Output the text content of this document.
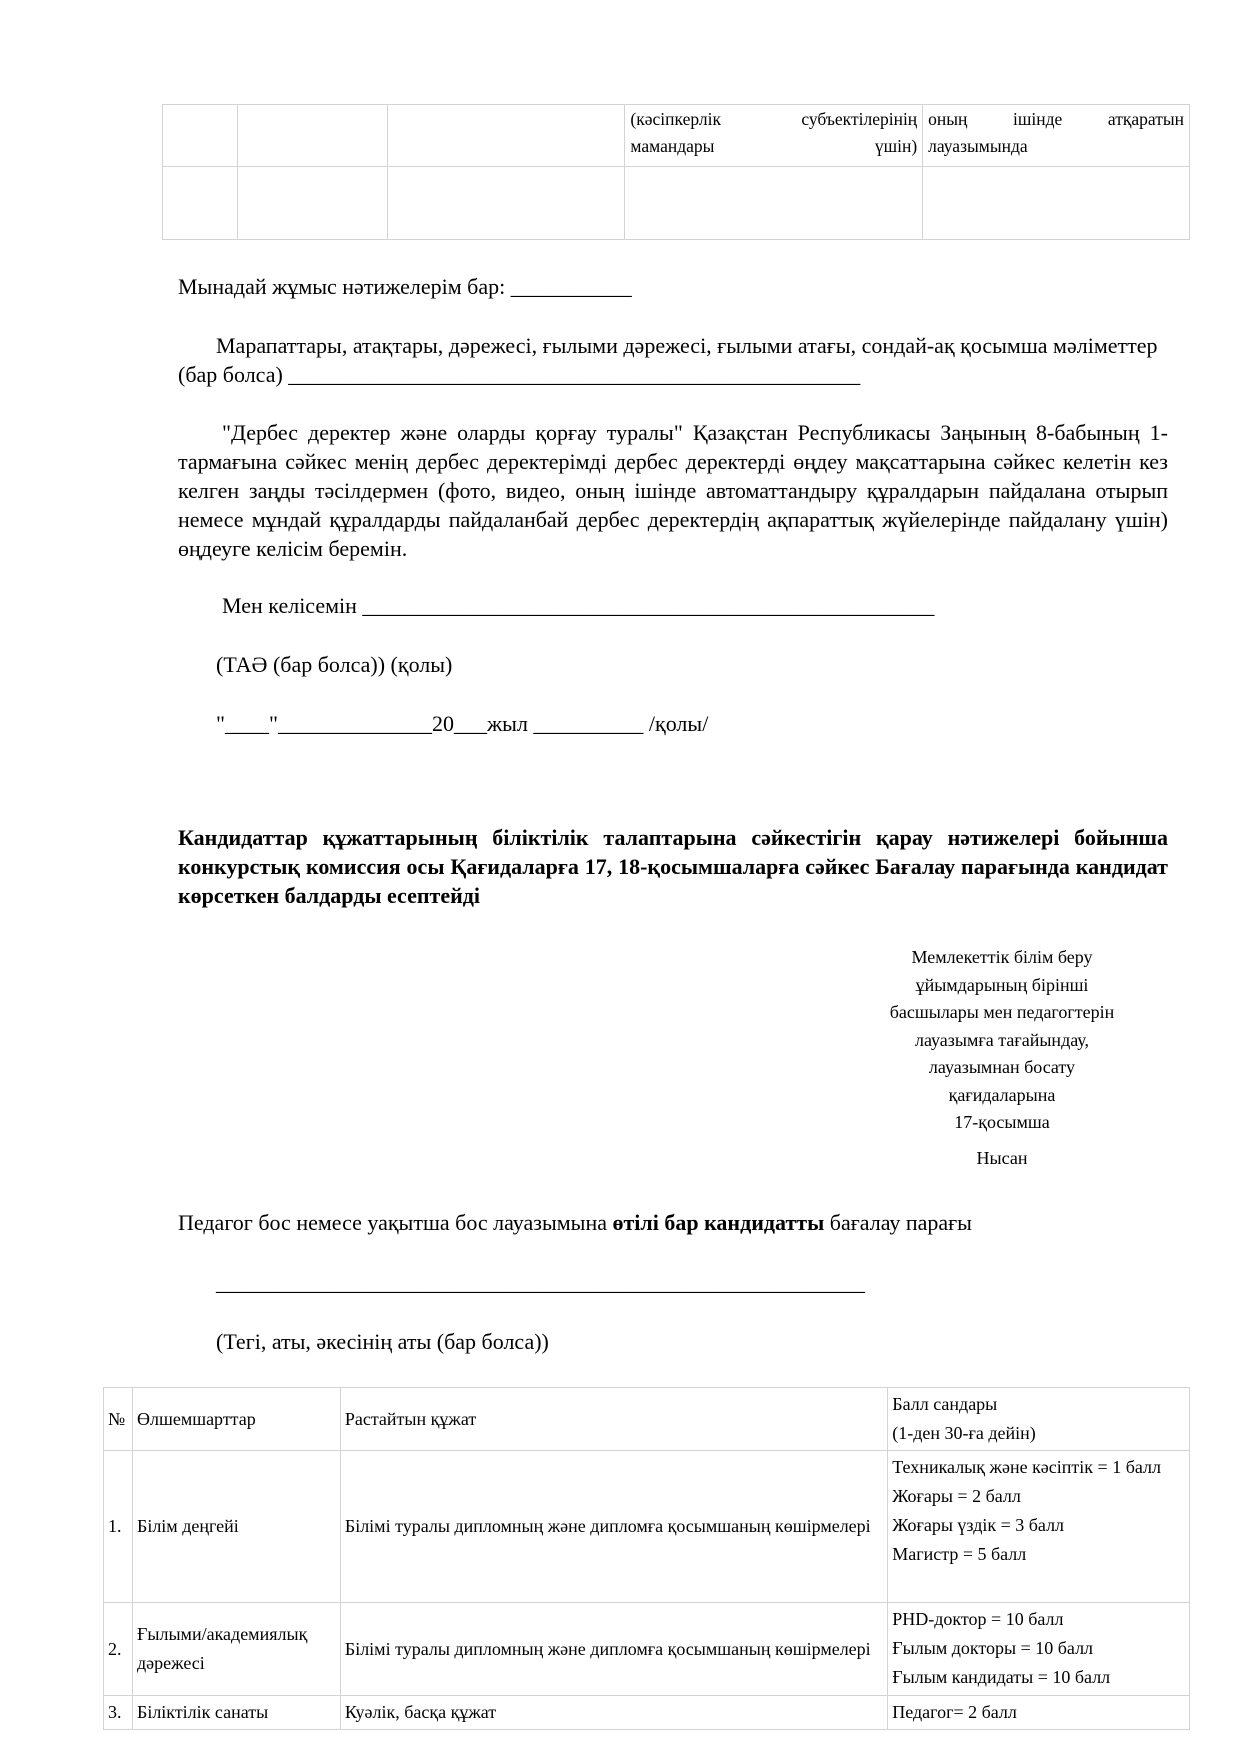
			(кәсіпкерлік субъектілерінің мамандары үшін)	оның ішінде атқаратын лауазымында

Мынадай жұмыс нәтижелерім бар: ___________
Марапаттары, атақтары, дәрежесі, ғылыми дәрежесі, ғылыми атағы, сондай-ақ қосымша мәліметтер (бар болса) ____________________________________________________
"Дербес деректер және оларды қорғау туралы" Қазақстан Республикасы Заңының 8-бабының 1-тармағына сәйкес менің дербес деректерімді дербес деректерді өңдеу мақсаттарына сәйкес келетін кез келген заңды тәсілдермен (фото, видео, оның ішінде автоматтандыру құралдарын пайдалана отырып немесе мұндай құралдарды пайдаланбай дербес деректердің ақпараттық жүйелерінде пайдалану үшін) өңдеуге келісім беремін.
Мен келісемін ____________________________________________________
(ТАӘ (бар болса)) (қолы)
"____"______________20___жыл __________ /қолы/
Кандидаттар құжаттарының біліктілік талаптарына сәйкестігін қарау нәтижелері бойынша конкурстық комиссия осы Қағидаларға 17, 18-қосымшаларға сәйкес Бағалау парағында кандидат көрсеткен балдарды есептейді
Мемлекеттік білім беру
ұйымдарының бірінші
басшылары мен педагогтерін
лауазымға тағайындау,
лауазымнан босату
қағидаларына
17-қосымша
Нысан
Педагог бос немесе уақытша бос лауазымына өтілі бар кандидатты бағалау парағы
___________________________________________________________
(Тегі, аты, әкесінің аты (бар болса))
№	Өлшемшарттар	Растайтын құжат	Балл сандары
(1-ден 30-ға дейін)

1.	Білім деңгейі	Білімі туралы дипломның және дипломға қосымшаның көшірмелері	Техникалық және кәсіптік = 1 балл
Жоғары = 2 балл
Жоғары үздік = 3 балл
Магистр = 5 балл

2.	Ғылыми/академиялық дәрежесі	Білімі туралы дипломның және дипломға қосымшаның көшірмелері	PHD-доктор = 10 балл
Ғылым докторы = 10 балл
Ғылым кандидаты = 10 балл

3.	Біліктілік санаты	Куәлік, басқа құжат	Педагог= 2 балл
